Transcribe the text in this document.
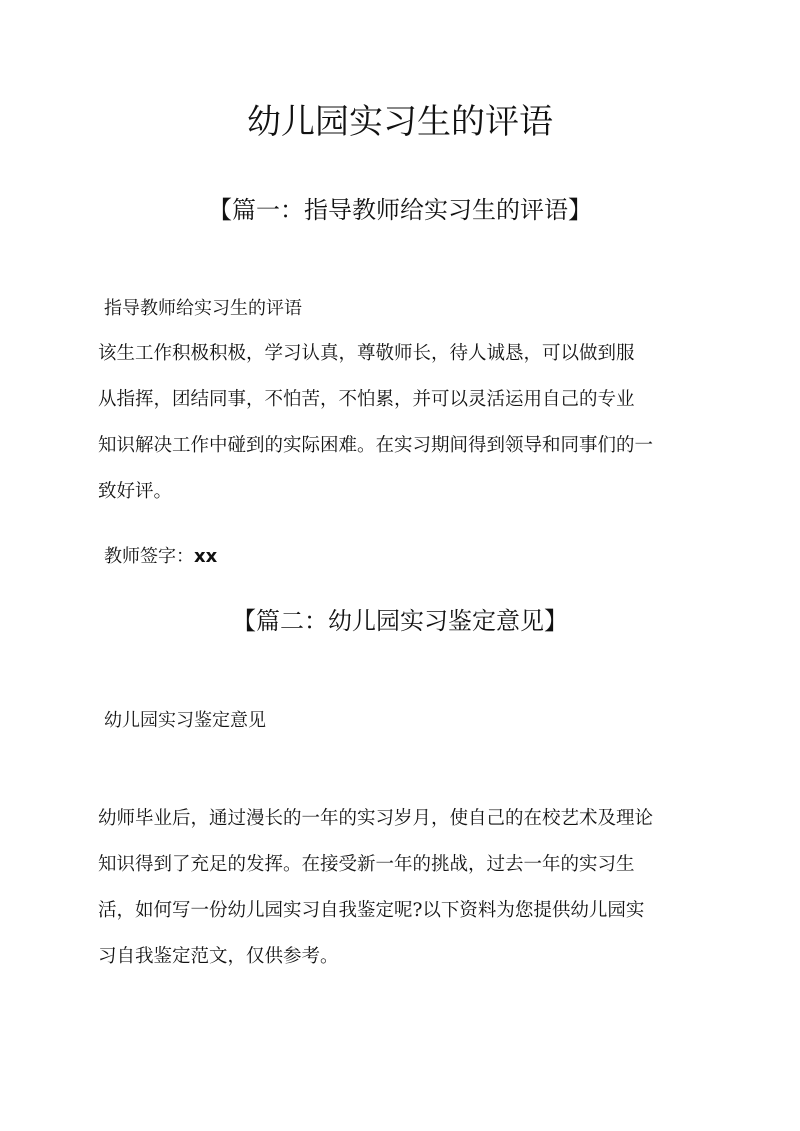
幼儿园实习生的评语
【篇一：指导教师给实习生的评语】

指导教师给实习生的评语

该生工作积极积极，学习认真，尊敬师长，待人诚恳，可以做到服
从指挥，团结同事，不怕苦，不怕累，并可以灵活运用自己的专业
知识解决工作中碰到的实际困难。在实习期间得到领导和同事们的一
致好评。

教师签字：xx

【篇二：幼儿园实习鉴定意见】

幼儿园实习鉴定意见

幼师毕业后，通过漫长的一年的实习岁月，使自己的在校艺术及理论
知识得到了充足的发挥。在接受新一年的挑战，过去一年的实习生
活，如何写一份幼儿园实习自我鉴定呢?以下资料为您提供幼儿园实
习自我鉴定范文，仅供参考。
